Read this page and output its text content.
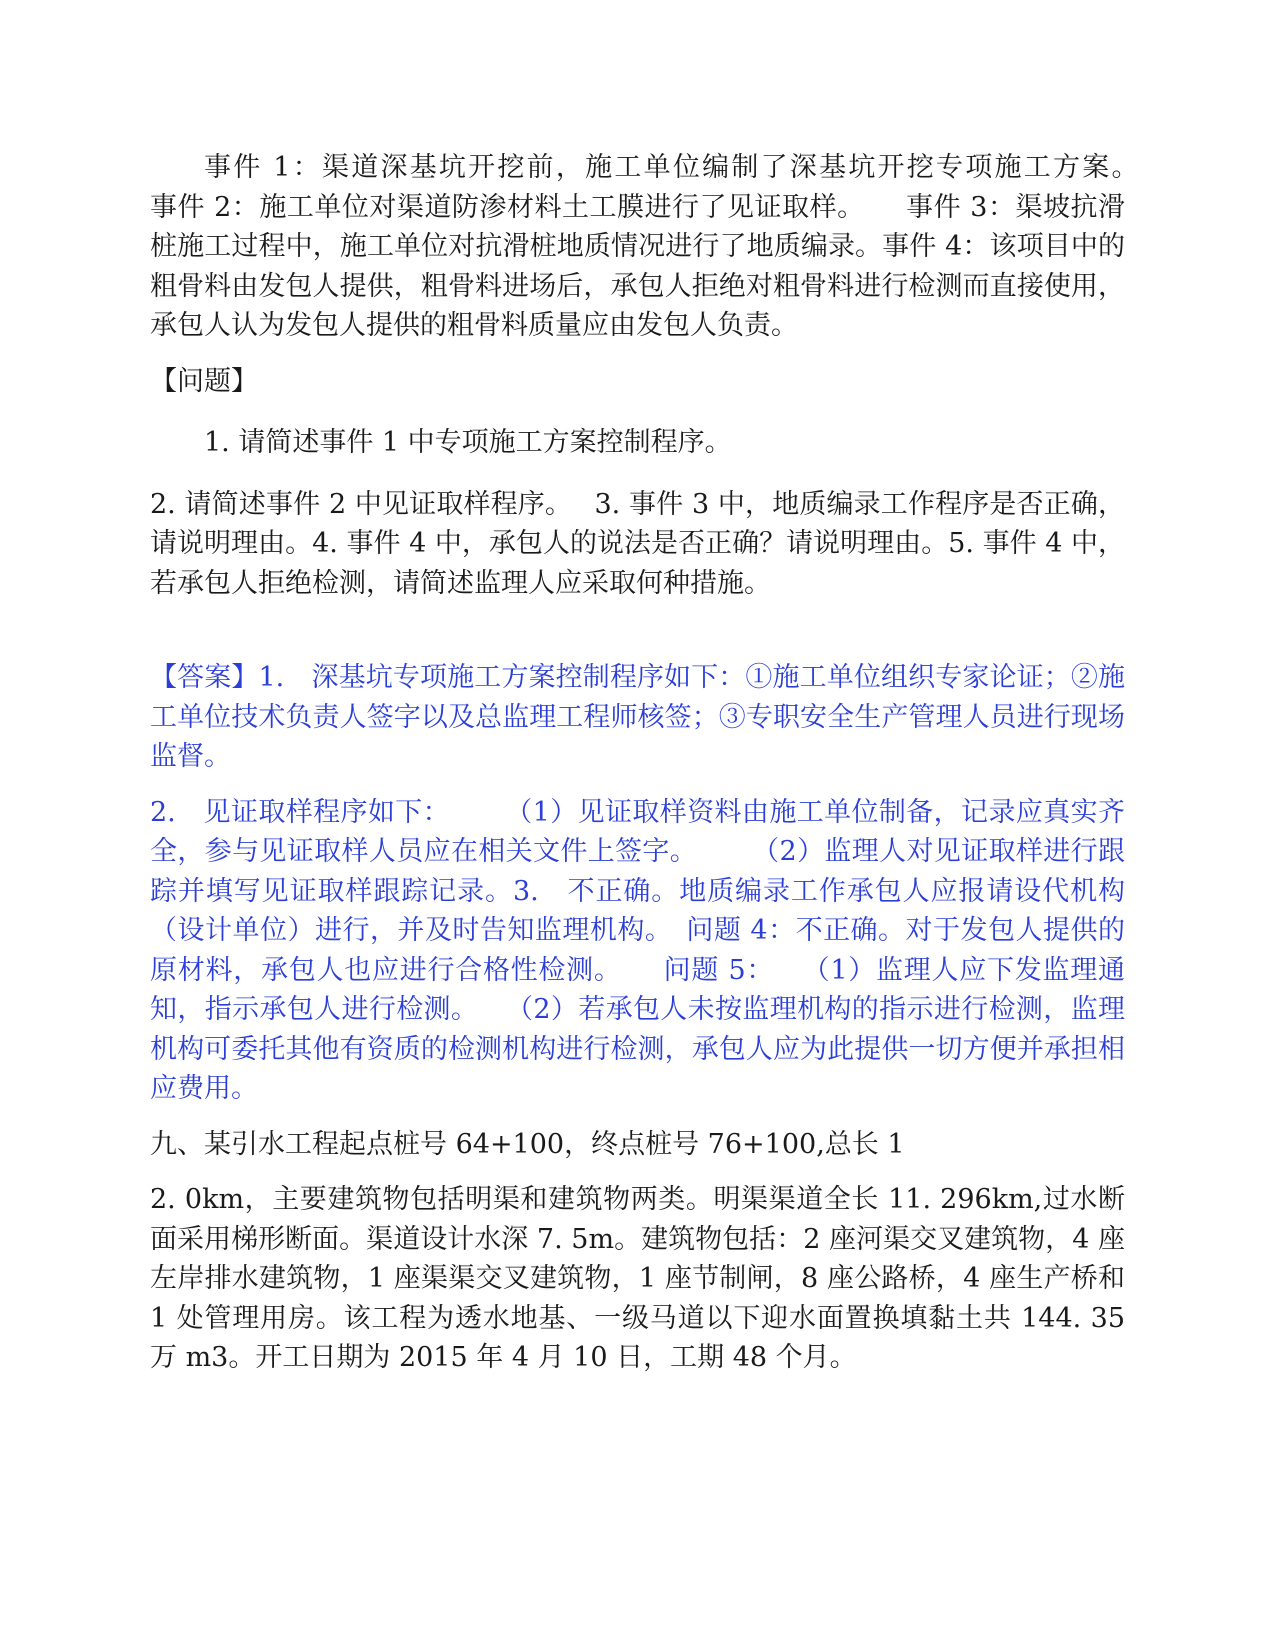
事件 1：渠道深基坑开挖前，施工单位编制了深基坑开挖专项施工方案。　　事件 2：施工单位对渠道防渗材料土工膜进行了见证取样。　　事件 3：渠坡抗滑桩施工过程中，施工单位对抗滑桩地质情况进行了地质编录。事件 4：该项目中的粗骨料由发包人提供，粗骨料进场后，承包人拒绝对粗骨料进行检测而直接使用，承包人认为发包人提供的粗骨料质量应由发包人负责。

【问题】

1. 请简述事件 1 中专项施工方案控制程序。

2. 请简述事件 2 中见证取样程序。　 3. 事件 3 中，地质编录工作程序是否正确，请说明理由。4. 事件 4 中，承包人的说法是否正确？请说明理由。5. 事件 4 中，若承包人拒绝检测，请简述监理人应采取何种措施。

【答案】1.　深基坑专项施工方案控制程序如下：①施工单位组织专家论证；②施工单位技术负责人签字以及总监理工程师核签；③专职安全生产管理人员进行现场监督。

2.　见证取样程序如下：　　　（1）见证取样资料由施工单位制备，记录应真实齐全，参与见证取样人员应在相关文件上签字。　　　（2）监理人对见证取样进行跟踪并填写见证取样跟踪记录。3.　不正确。地质编录工作承包人应报请设代机构（设计单位）进行，并及时告知监理机构。　问题 4：不正确。对于发包人提供的原材料，承包人也应进行合格性检测。　　问题 5：　　（1）监理人应下发监理通知，指示承包人进行检测。　　（2）若承包人未按监理机构的指示进行检测，监理机构可委托其他有资质的检测机构进行检测，承包人应为此提供一切方便并承担相应费用。

九、某引水工程起点桩号 64+100，终点桩号 76+100,总长 1

2. 0km，主要建筑物包括明渠和建筑物两类。明渠渠道全长 11. 296km,过水断面采用梯形断面。渠道设计水深 7. 5m。建筑物包括：2 座河渠交叉建筑物，4 座左岸排水建筑物，1 座渠渠交叉建筑物，1 座节制闸，8 座公路桥，4 座生产桥和 1 处管理用房。该工程为透水地基、一级马道以下迎水面置换填黏土共 144. 35 万 m3。开工日期为 2015 年 4 月 10 日，工期 48 个月。
